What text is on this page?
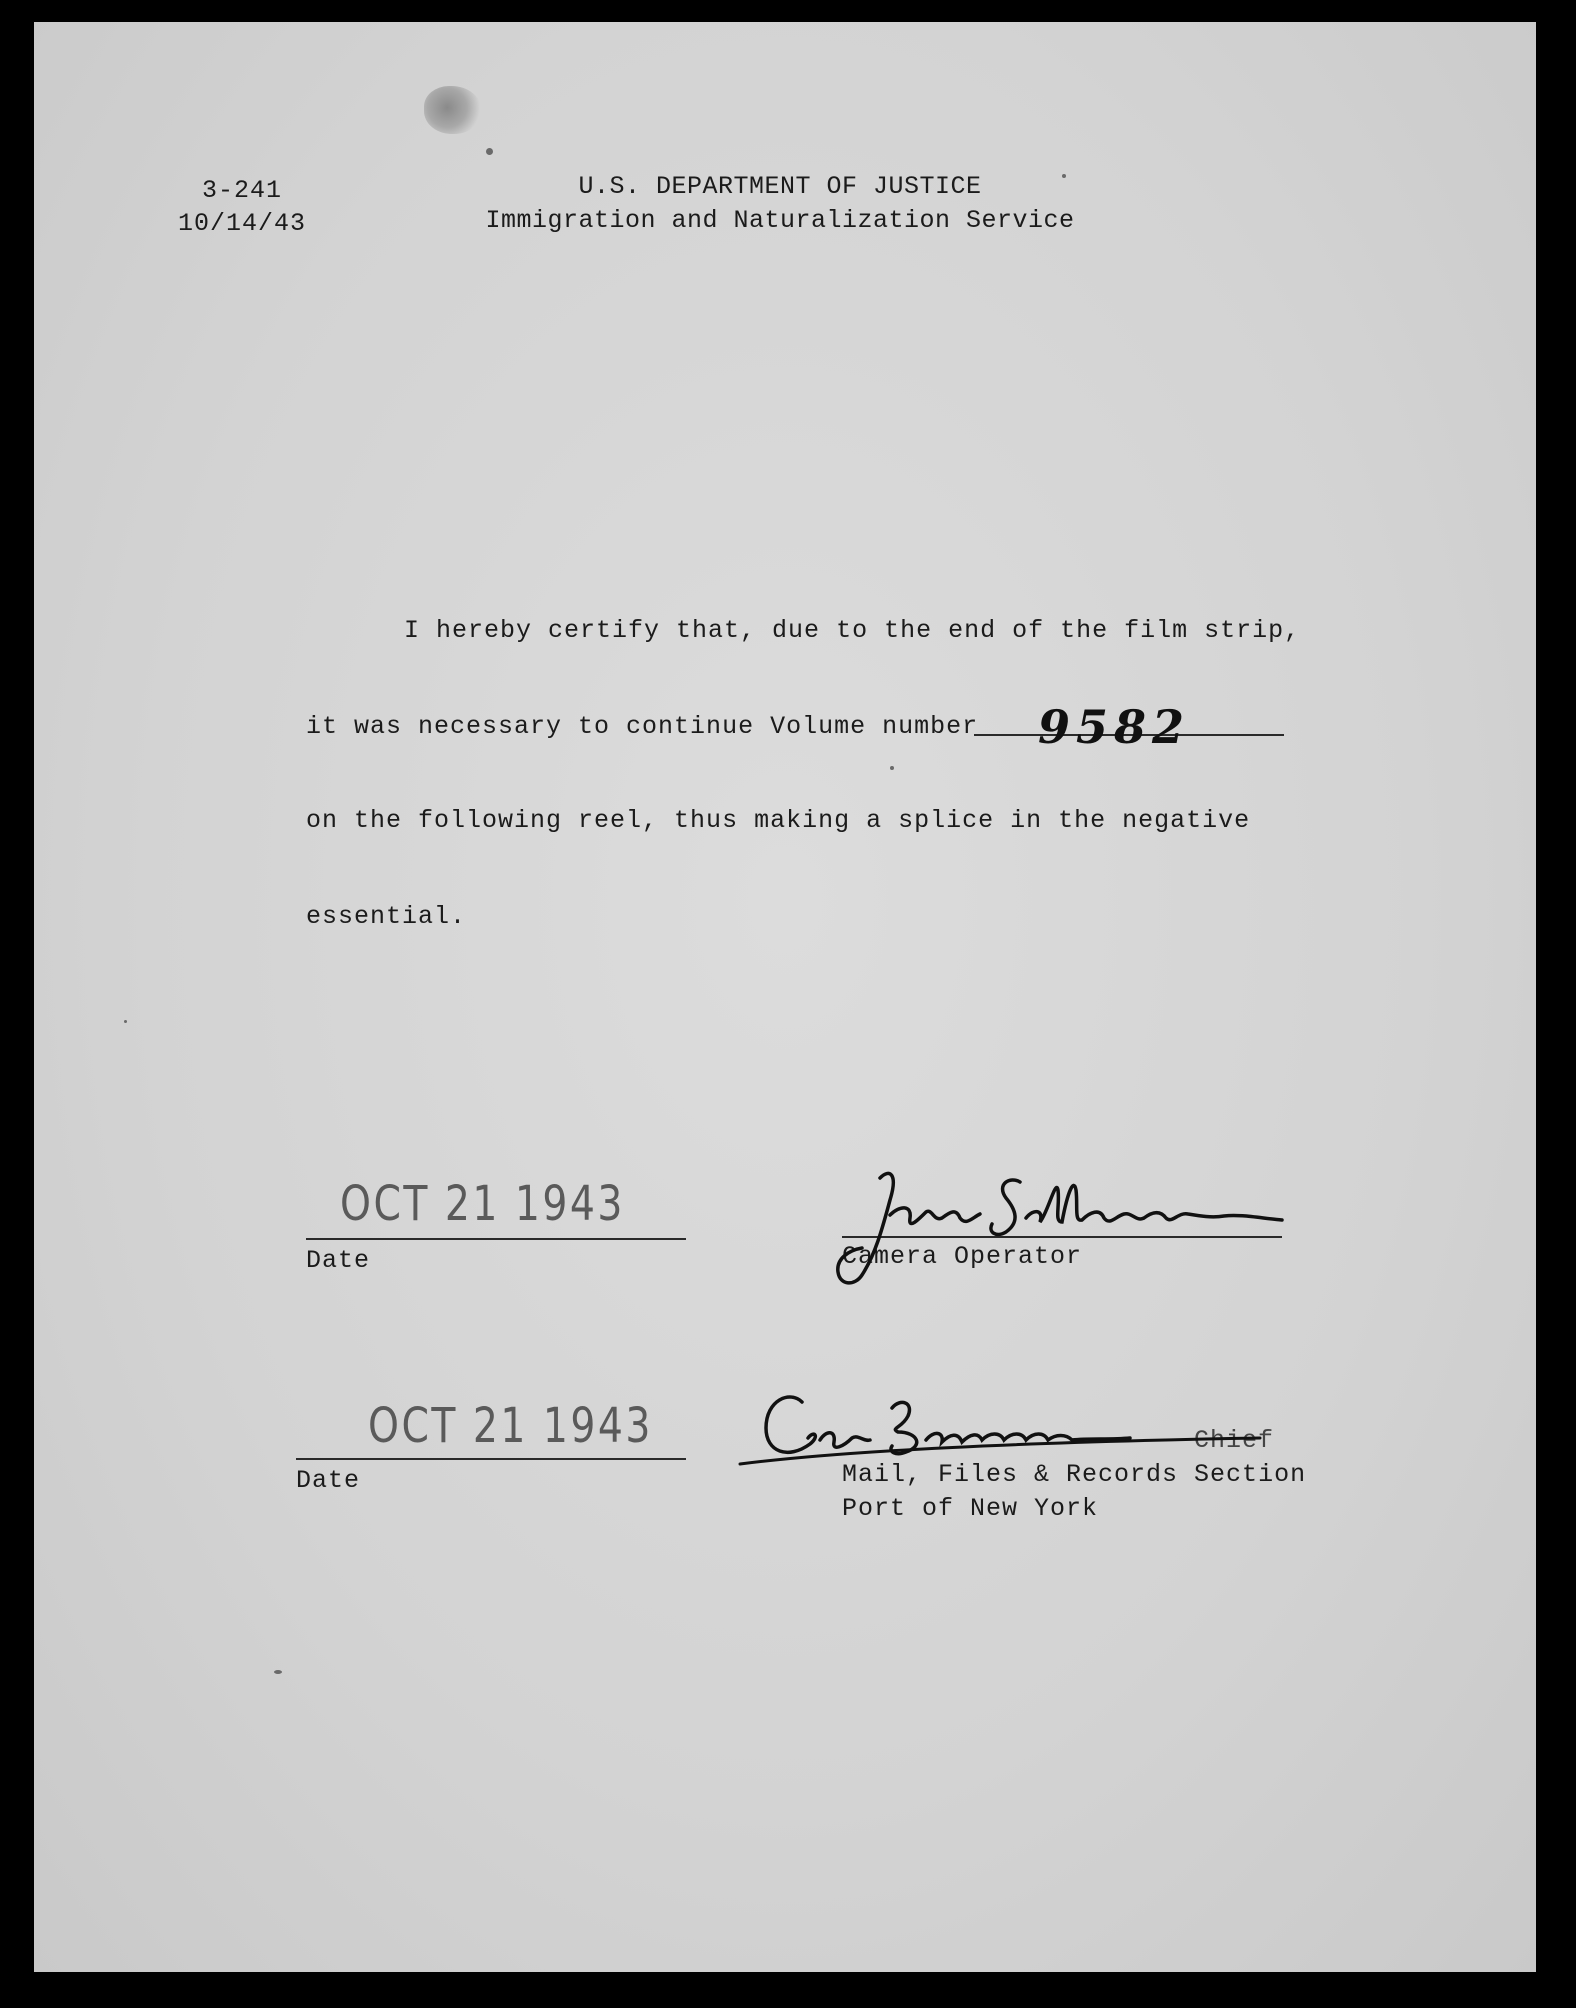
3-241
10/14/43
U.S. DEPARTMENT OF JUSTICE
Immigration and Naturalization Service
I hereby certify that, due to the end of the film strip,
it was necessary to continue Volume number 9582
on the following reel, thus making a splice in the negative
essential.
OCT 21 1943
Date	Camera Operator
OCT 21 1943
Date
Chief
Mail, Files & Records Section
Port of New York
